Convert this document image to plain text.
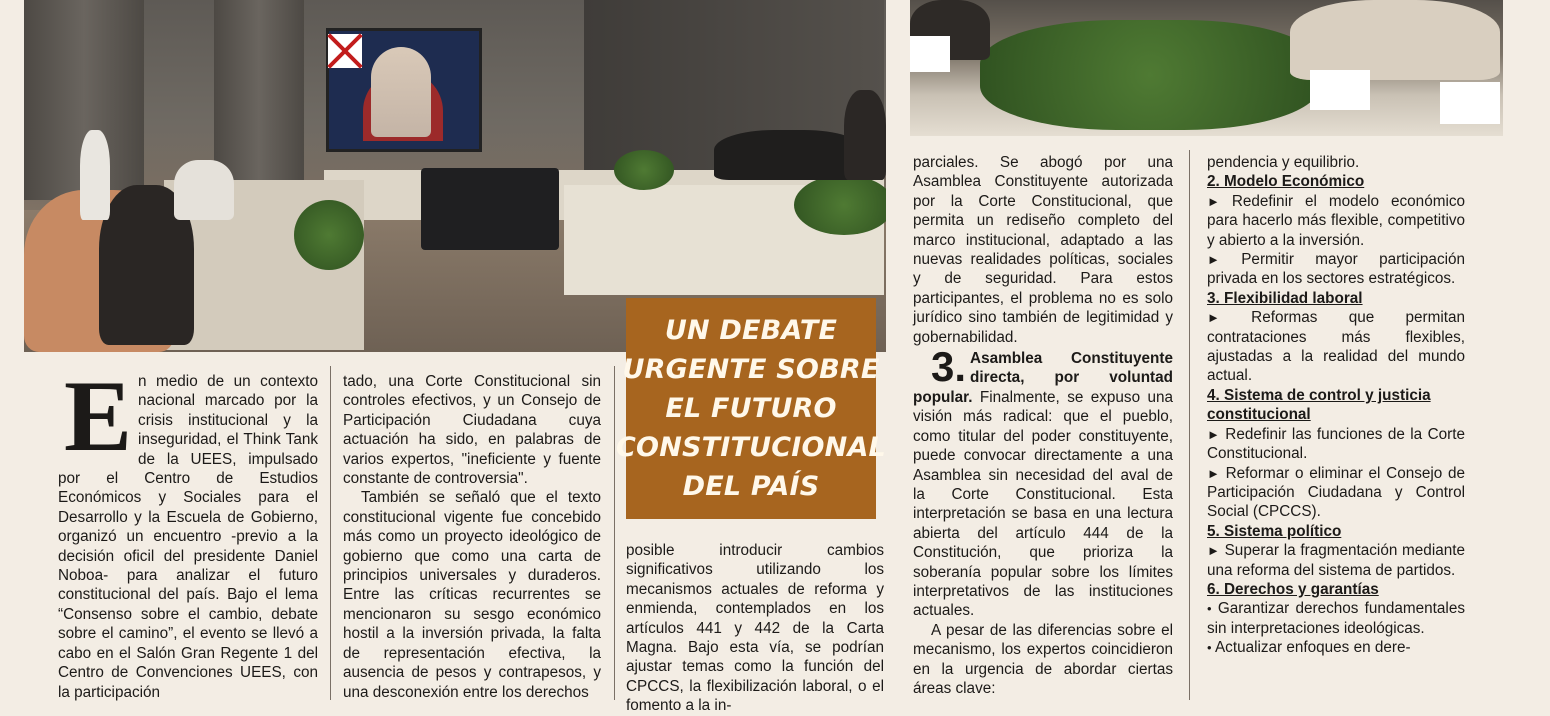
UN DEBATE URGENTE SOBRE EL FUTURO CONSTITUCIONAL DEL PAÍS
E n medio de un contexto nacional marcado por la crisis institucional y la inseguridad, el Think Tank de la UEES, impulsado por el Centro de Estudios Económicos y Sociales para el Desarrollo y la Escuela de Gobierno, organizó un encuentro -previo a la decisión oficil del presidente Daniel Noboa- para analizar el futuro constitucional del país. Bajo el lema “Consenso sobre el cambio, debate sobre el camino”, el evento se llevó a cabo en el Salón Gran Regente 1 del Centro de Convenciones UEES, con la participación

tado, una Corte Constitucional sin controles efectivos, y un Consejo de Participación Ciudadana cuya actuación ha sido, en palabras de varios expertos, "ineficiente y fuente constante de controversia".

También se señaló que el texto constitucional vigente fue concebido más como un proyecto ideológico de gobierno que como una carta de principios universales y duraderos. Entre las críticas recurrentes se mencionaron su sesgo económico hostil a la inversión privada, la falta de representación efectiva, la ausencia de pesos y contrapesos, y una desconexión entre los derechos

posible introducir cambios significativos utilizando los mecanismos actuales de reforma y enmienda, contemplados en los artículos 441 y 442 de la Carta Magna. Bajo esta vía, se podrían ajustar temas como la función del CPCCS, la flexibilización laboral, o el fomento a la in-

parciales. Se abogó por una Asamblea Constituyente autorizada por la Corte Constitucional, que permita un rediseño completo del marco institucional, adaptado a las nuevas realidades políticas, sociales y de seguridad. Para estos participantes, el problema no es solo jurídico sino también de legitimidad y gobernabilidad.

3. Asamblea Constituyente directa, por voluntad popular. Finalmente, se expuso una visión más radical: que el pueblo, como titular del poder constituyente, puede convocar directamente a una Asamblea sin necesidad del aval de la Corte Constitucional. Esta interpretación se basa en una lectura abierta del artículo 444 de la Constitución, que prioriza la soberanía popular sobre los límites interpretativos de las instituciones actuales.

A pesar de las diferencias sobre el mecanismo, los expertos coincidieron en la urgencia de abordar ciertas áreas clave:

pendencia y equilibrio.

2. Modelo Económico

► Redefinir el modelo económico para hacerlo más flexible, competitivo y abierto a la inversión.

► Permitir mayor participación privada en los sectores estratégicos.

3. Flexibilidad laboral

► Reformas que permitan contrataciones más flexibles, ajustadas a la realidad del mundo actual.

4. Sistema de control y justicia constitucional

► Redefinir las funciones de la Corte Constitucional.

► Reformar o eliminar el Consejo de Participación Ciudadana y Control Social (CPCCS).

5. Sistema político

► Superar la fragmentación mediante una reforma del sistema de partidos.

6. Derechos y garantías

• Garantizar derechos fundamentales sin interpretaciones ideológicas.

• Actualizar enfoques en dere-
